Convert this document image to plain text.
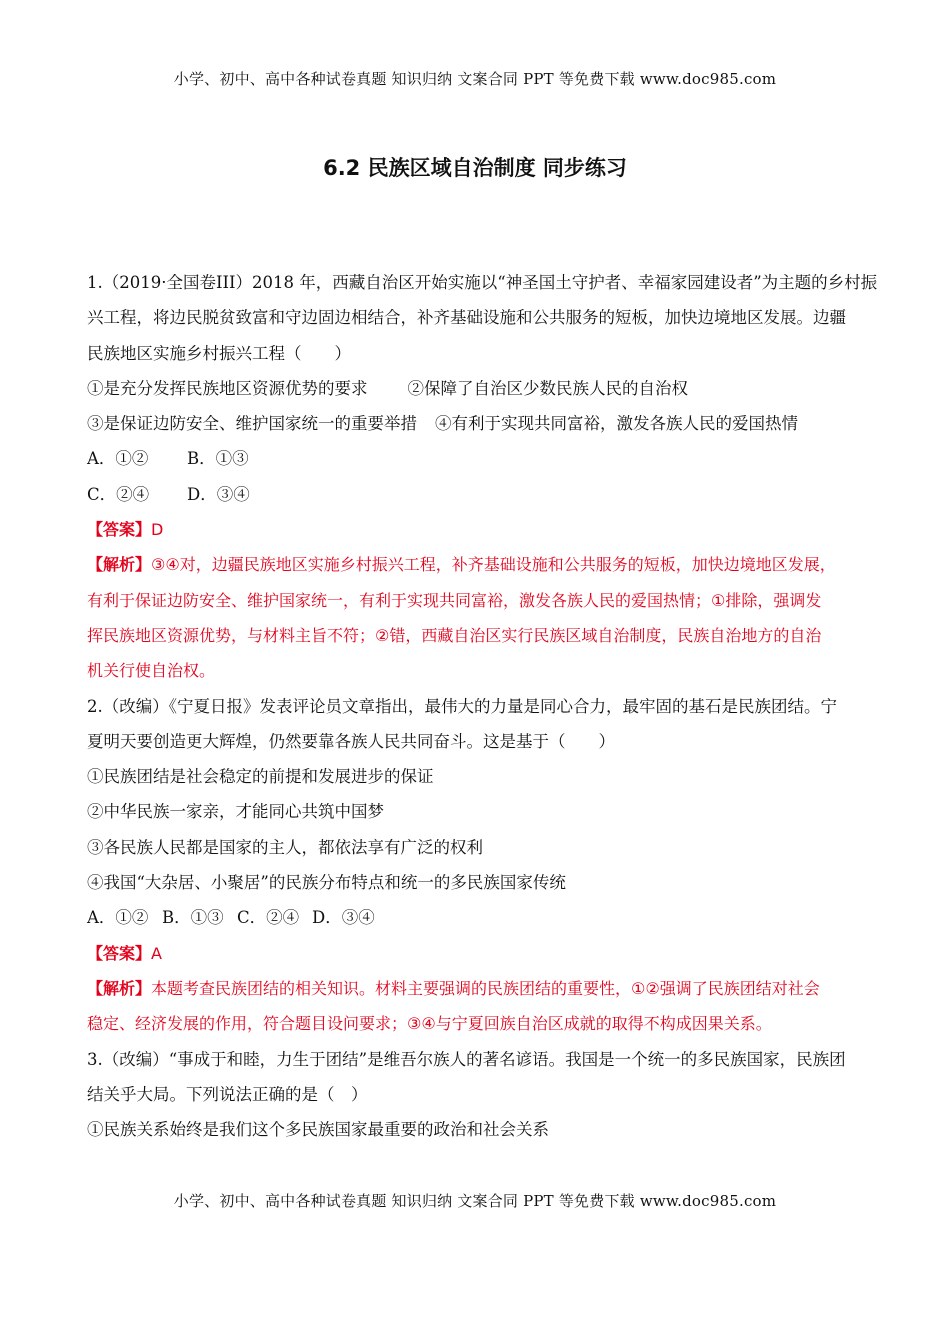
小学、初中、高中各种试卷真题 知识归纳 文案合同 PPT 等免费下载 www.doc985.com
6.2 民族区域自治制度 同步练习
1.（2019·全国卷III）2018 年，西藏自治区开始实施以“神圣国土守护者、幸福家园建设者”为主题的乡村振
兴工程，将边民脱贫致富和守边固边相结合，补齐基础设施和公共服务的短板，加快边境地区发展。边疆
民族地区实施乡村振兴工程（　　）
①是充分发挥民族地区资源优势的要求 ②保障了自治区少数民族人民的自治权
③是保证边防安全、维护国家统一的重要举措 ④有利于实现共同富裕，激发各族人民的爱国热情
A．①② B．①③
C．②④ D．③④
【答案】D
【解析】③④对，边疆民族地区实施乡村振兴工程，补齐基础设施和公共服务的短板，加快边境地区发展，
有利于保证边防安全、维护国家统一，有利于实现共同富裕，激发各族人民的爱国热情；①排除，强调发
挥民族地区资源优势，与材料主旨不符；②错，西藏自治区实行民族区域自治制度，民族自治地方的自治
机关行使自治权。
2.（改编）《宁夏日报》发表评论员文章指出，最伟大的力量是同心合力，最牢固的基石是民族团结。宁
夏明天要创造更大辉煌，仍然要靠各族人民共同奋斗。这是基于（　　）
①民族团结是社会稳定的前提和发展进步的保证
②中华民族一家亲，才能同心共筑中国梦
③各民族人民都是国家的主人，都依法享有广泛的权利
④我国“大杂居、小聚居”的民族分布特点和统一的多民族国家传统
A．①② B．①③ C．②④ D．③④
【答案】A
【解析】本题考查民族团结的相关知识。材料主要强调的民族团结的重要性，①②强调了民族团结对社会
稳定、经济发展的作用，符合题目设问要求；③④与宁夏回族自治区成就的取得不构成因果关系。
3.（改编）“事成于和睦，力生于团结”是维吾尔族人的著名谚语。我国是一个统一的多民族国家，民族团
结关乎大局。下列说法正确的是（　）
①民族关系始终是我们这个多民族国家最重要的政治和社会关系
小学、初中、高中各种试卷真题 知识归纳 文案合同 PPT 等免费下载 www.doc985.com
